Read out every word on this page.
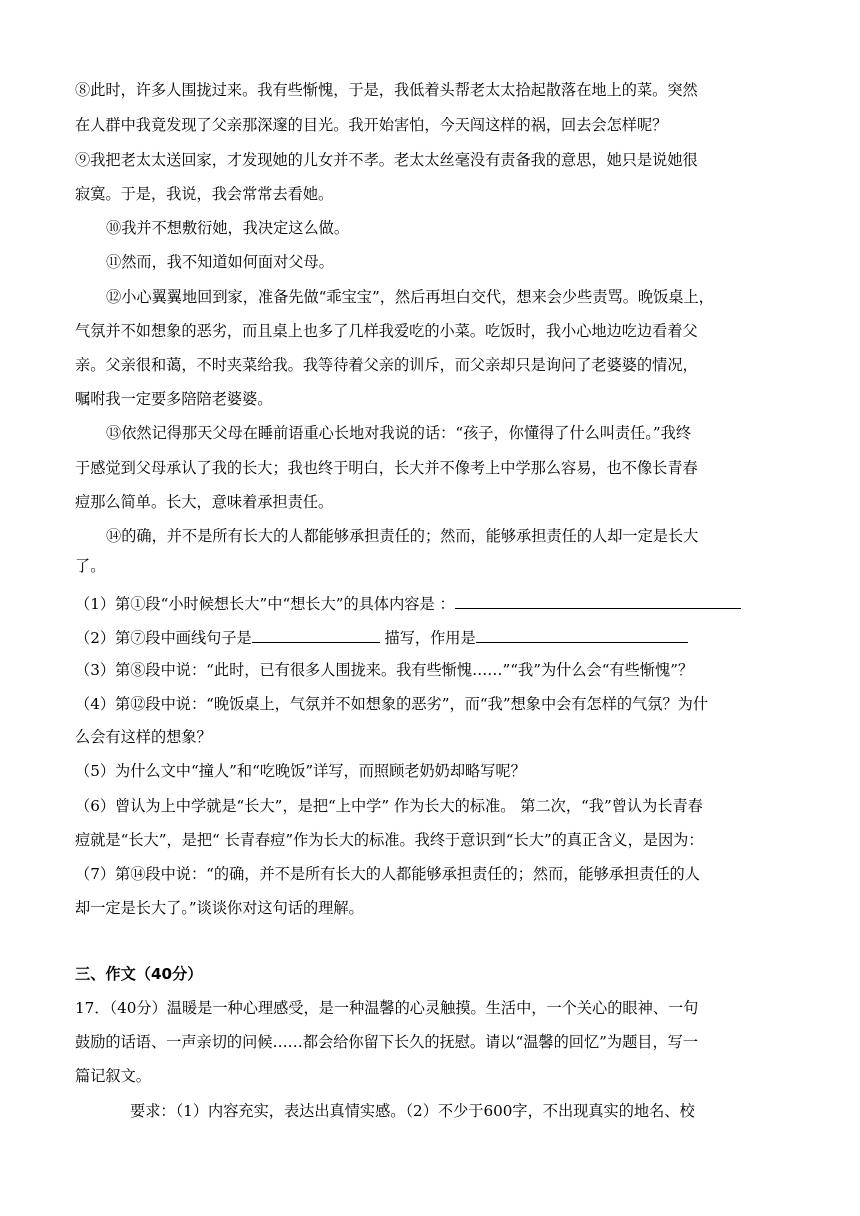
⑧此时，许多人围拢过来。我有些惭愧，于是，我低着头帮老太太拾起散落在地上的菜。突然
在人群中我竟发现了父亲那深邃的目光。我开始害怕，今天闯这样的祸，回去会怎样呢？
⑨我把老太太送回家，才发现她的儿女并不孝。老太太丝毫没有责备我的意思，她只是说她很
寂寞。于是，我说，我会常常去看她。
⑩我并不想敷衍她，我决定这么做。
⑪然而，我不知道如何面对父母。
⑫小心翼翼地回到家，准备先做“乖宝宝”，然后再坦白交代，想来会少些责骂。晚饭桌上，
气氛并不如想象的恶劣，而且桌上也多了几样我爱吃的小菜。吃饭时，我小心地边吃边看着父
亲。父亲很和蔼，不时夹菜给我。我等待着父亲的训斥，而父亲却只是询问了老婆婆的情况，
嘱咐我一定要多陪陪老婆婆。
⑬依然记得那天父母在睡前语重心长地对我说的话：“孩子，你懂得了什么叫责任。”我终
于感觉到父母承认了我的长大；我也终于明白，长大并不像考上中学那么容易，也不像长青春
痘那么简单。长大，意味着承担责任。
⑭的确，并不是所有长大的人都能够承担责任的；然而，能够承担责任的人却一定是长大
了。
（1）第①段“小时候想长大”中“想长大”的具体内容是 ：
（2）第⑦段中画线句子是	描写，作用是
（3）第⑧段中说：“此时，已有很多人围拢来。我有些惭愧……”“我”为什么会“有些惭愧”？
（4）第⑫段中说：“晚饭桌上，气氛并不如想象的恶劣”，而“我”想象中会有怎样的气氛？为什
么会有这样的想象？
（5）为什么文中“撞人”和“吃晚饭”详写，而照顾老奶奶却略写呢？
（6）曾认为上中学就是“长大”，是把“上中学” 作为长大的标准。 第二次，“我”曾认为长青春
痘就是“长大”，是把“ 长青春痘”作为长大的标准。我终于意识到“长大”的真正含义，是因为：
（7）第⑭段中说：“的确，并不是所有长大的人都能够承担责任的；然而，能够承担责任的人
却一定是长大了。”谈谈你对这句话的理解。
三、作文（40分）
17．（40分）温暖是一种心理感受，是一种温馨的心灵触摸。生活中，一个关心的眼神、一句
鼓励的话语、一声亲切的问候……都会给你留下长久的抚慰。请以“温馨的回忆”为题目，写一
篇记叙文。
要求：（1）内容充实，表达出真情实感。（2）不少于600字，不出现真实的地名、校
